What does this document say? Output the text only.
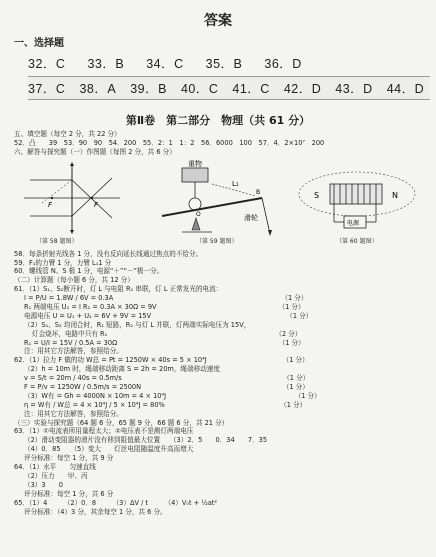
答案
一、选择题
32．C 33．B 34．C 35．B 36．D
37．C 38．A 39．B 40．C 41．C 42．D 43．D 44．D
第Ⅱ卷　第二部分　物理（共 61 分）
五、填空题（每空 2 分，共 22 分）
52．凸　　39　53．90　90　54．200　55．2：1　1：2　56．6000　100　57．4．2×10⁷　200
六、解答与探究题（一）作图题（每图 2 分，共 6 分）
F	F
（第 58 题图）
重物
L₁
滑轮
O
B
（第 59 题图）
S	N
电源
（第 60 题图）
58．每条折射光线各 1 分，没有反向延长线通过焦点的不给分。
59．F₁的力臂 1 分，力臂 L₁1 分
60．螺线管 N、S 极 1 分，电源“＋”“－”极一分。
（二）计算题（每小题 6 分，共 12 分）
61．（1）S₁、S₂断开时，灯 L 与电阻 R₁ 串联，灯 L 正常发光的电流：
I = P/U = 1.8W / 6V = 0.3A　　　　　　　　　　　　　　　　　　　　　　　　　　（1 分）
R₁ 两端电压 U₁ = I R₁ = 0.3A × 30Ω = 9V　　　　　　　　　　　　　　　　　　　（1 分）
电源电压 U = U₁ + U₂ = 6V + 9V = 15V　　　　　　　　　　　　　　　　　　　　　（1 分）
（2）S₁、S₂ 均闭合时，R₁ 短路，R₂ 与灯 L 并联，灯两端实际电压为 15V，
灯会烧坏，电路中只有 R₁　　　　　　　　　　　　　　　　　　　　　　　　　　（2 分）
R₁ = U/I = 15V / 0.5A = 30Ω　　　　　　　　　　　　　　　　　　　　　　　　　（1 分）
注：用其它方法解答，参照给分。
62．（1）拉力 F 做的功 W总 = Pt = 1250W × 40s = 5 × 10⁴J　　　　　　　　　　　　（1 分）
（2）h = 10m 时，绳端移动距离 S = 2h = 20m，绳端移动速度
v = S/t = 20m / 40s = 0.5m/s　　　　　　　　　　　　　　　　　　　　　　　　　（1 分）
F = P/v = 1250W / 0.5m/s = 2500N　　　　　　　　　　　　　　　　　　　　　　（1 分）
（3）W有 = Gh = 4000N × 10m = 4 × 10⁴J　　　　　　　　　　　　　　　　　　　　（1 分）
η = W有 / W总 = 4 × 10⁴J / 5 × 10⁴J = 80%　　　　　　　　　　　　　　　　　　（1 分）
注：用其它方法解答，参照给分。
（三）实验与探究题（64 题 6 分，65 题 9 分，66 题 6 分，共 21 分）
63．（1）①电流表所用量程太大；②电压表不是测灯两端电压
（2）滑动变阻器的滑片没有移到阻值最大位置　　（3）2．5　　0．34　　7．35
（4）0．85　　（5）变大　　灯丝电阻随温度升高而增大
评分标准：每空 1 分，共 9 分
64．（1）水平　　匀速直线
（2）压力　　甲、丙
（3）3　　0
评分标准：每空 1 分，共 6 分
65．（1）4　　　（2）0．8　　　（3）ΔV / t　　　（4）V₀t + ½at²
评分标准：（4）3 分，其余每空 1 分，共 6 分。
